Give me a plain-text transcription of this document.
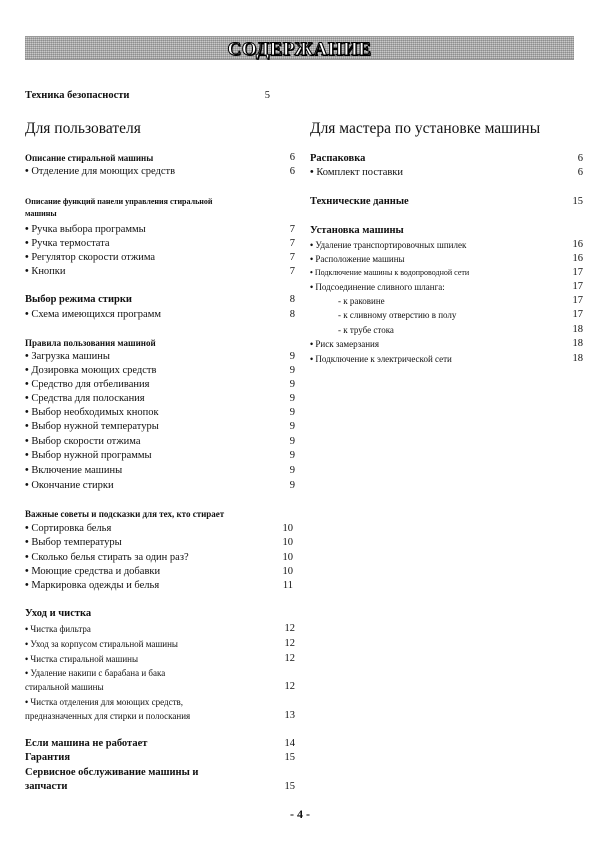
СОДЕРЖАНИЕ
Техника безопасности	5
Для пользователя	Для мастера по установке машины
Описание стиральной машины	6
• Отделение для моющих средств	6
Описание функций панели управления стиральной
машины
• Ручка выбора программы	7
• Ручка термостата	7
• Регулятор скорости отжима	7
• Кнопки	7
Выбор режима стирки	8
• Схема имеющихся программ	8
Правила пользования машиной
• Загрузка машины	9
• Дозировка моющих средств	9
• Средство для отбеливания	9
• Средства для полоскания	9
• Выбор необходимых кнопок	9
• Выбор нужной температуры	9
• Выбор скорости отжима	9
• Выбор нужной программы	9
• Включение машины	9
• Окончание стирки	9
Важные советы и подсказки для тех, кто стирает
• Сортировка белья	10
• Выбор температуры	10
• Сколько белья стирать за один раз?	10
• Моющие средства и добавки	10
• Маркировка одежды и белья	11
Уход и чистка
• Чистка фильтра	12
• Уход за корпусом стиральной машины	12
• Чистка стиральной машины	12
• Удаление накипи с барабана и бака
стиральной машины	12
• Чистка отделения для моющих средств,
предназначенных для стирки и полоскания	13
Если машина не работает	14
Гарантия	15
Сервисное обслуживание машины и
запчасти	15
Распаковка	6
• Комплект поставки	6
Технические данные	15
Установка машины
• Удаление транспортировочных шпилек	16
• Расположение машины	16
• Подключение машины к водопроводной сети	17
• Подсоединение сливного шланга:	17
- к раковине	17
- к сливному отверстию в полу	17
- к трубе стока	18
• Риск замерзания	18
• Подключение к электрической сети	18
- 4 -
